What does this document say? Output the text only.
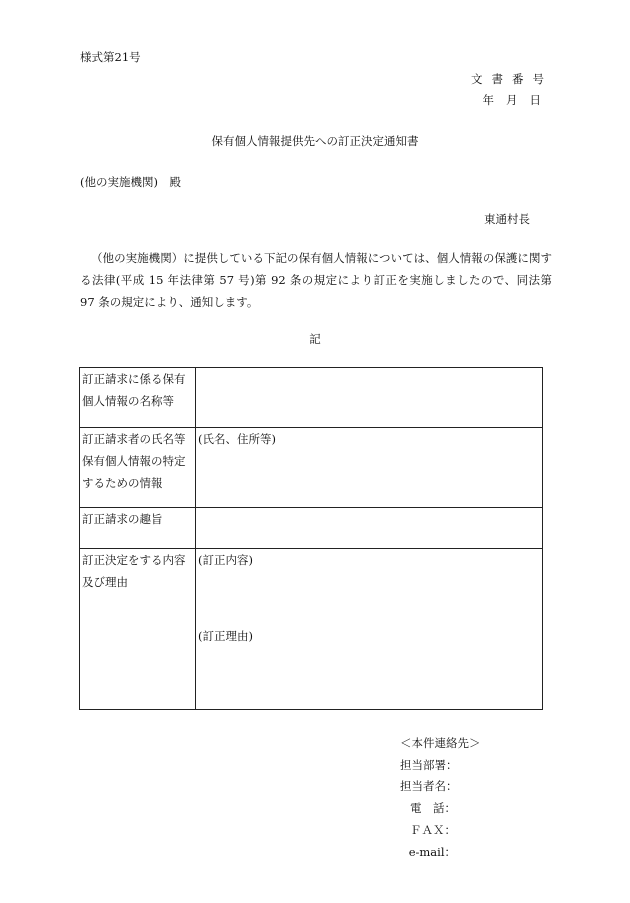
様式第21号
文書番号
年月日
保有個人情報提供先への訂正決定通知書
(他の実施機関)　殿
東通村長
（他の実施機関）に提供している下記の保有個人情報については、個人情報の保護に関する法律(平成 15 年法律第 57 号)第 92 条の規定により訂正を実施しましたので、同法第 97 条の規定により、通知します。
記
訂正請求に係る保有個人情報の名称等	
訂正請求者の氏名等保有個人情報の特定するための情報	(氏名、住所等)
訂正請求の趣旨	
訂正決定をする内容及び理由	(訂正内容)
(訂正理由)
＜本件連絡先＞
担当部署：
担当者名：
電　話：
ＦＡＸ：
e-mail：
